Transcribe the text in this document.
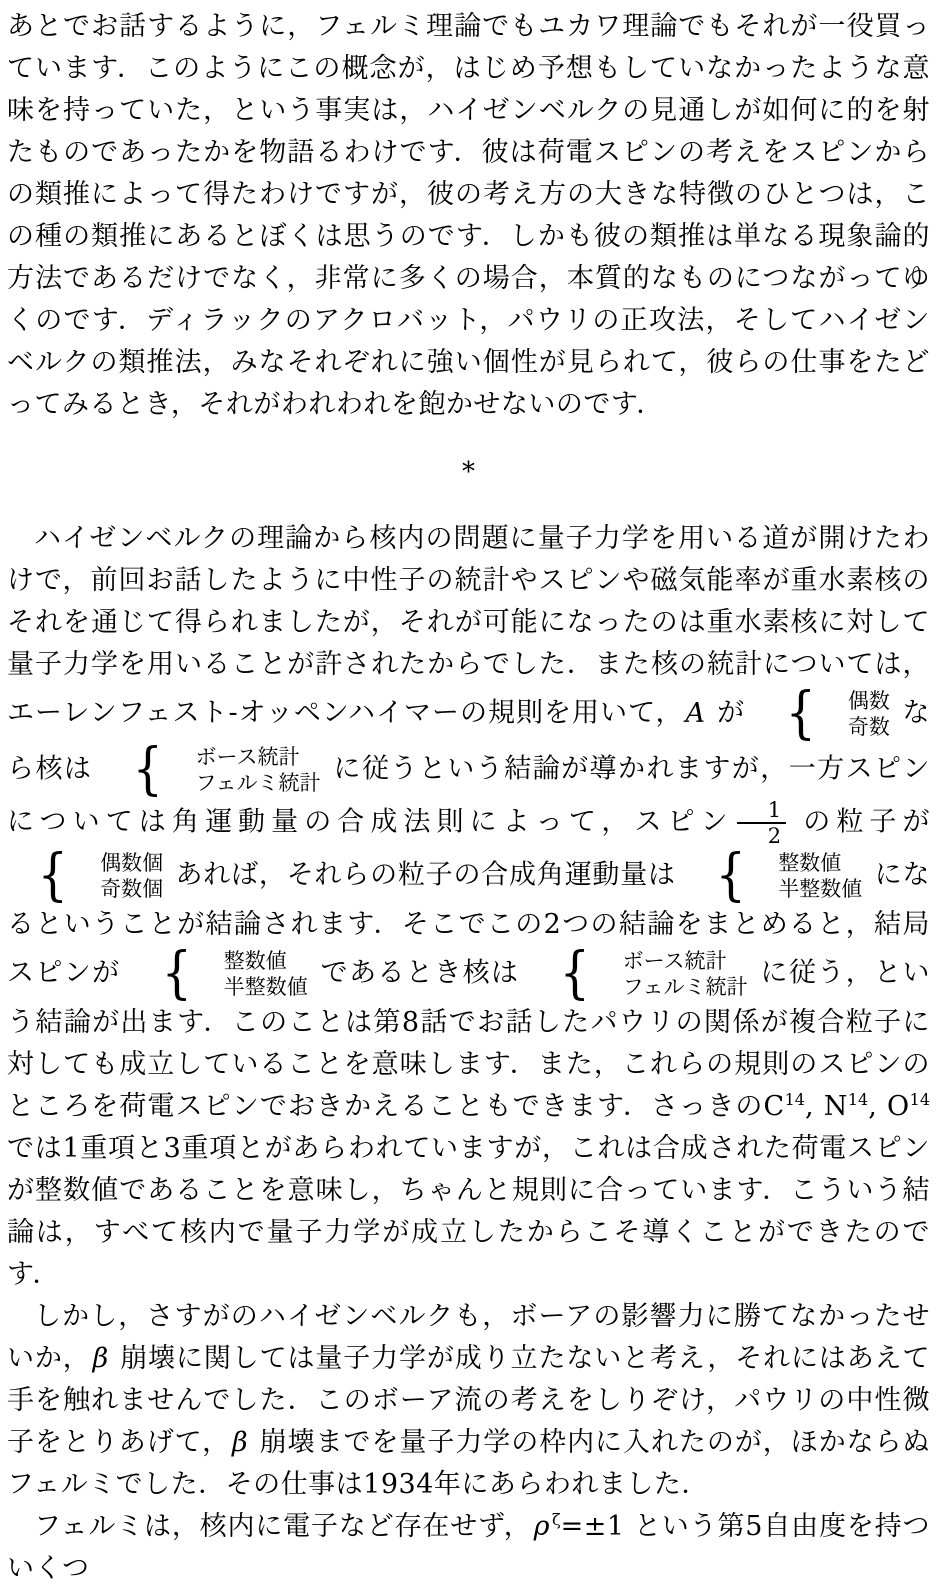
あとでお話するように，フェルミ理論でもユカワ理論でもそれが一役買っています．このようにこの概念が，はじめ予想もしていなかったような意味を持っていた，という事実は，ハイゼンベルクの見通しが如何に的を射たものであったかを物語るわけです．彼は荷電スピンの考えをスピンからの類推によって得たわけですが，彼の考え方の大きな特徴のひとつは，この種の類推にあるとぼくは思うのです．しかも彼の類推は単なる現象論的方法であるだけでなく，非常に多くの場合，本質的なものにつながってゆくのです．ディラックのアクロバット，パウリの正攻法，そしてハイゼンベルクの類推法，みなそれぞれに強い個性が見られて，彼らの仕事をたどってみるとき，それがわれわれを飽かせないのです．

*

ハイゼンベルクの理論から核内の問題に量子力学を用いる道が開けたわけで，前回お話したように中性子の統計やスピンや磁気能率が重水素核のそれを通じて得られましたが，それが可能になったのは重水素核に対して量子力学を用いることが許されたからでした．また核の統計については，エーレンフェスト-オッペンハイマーの規則を用いて，A が {	偶数
奇数 なら核は {	ボース統計
フェルミ統計 に従うという結論が導かれますが，一方スピンについては角運動量の合成法則によって，スピン $\frac{1}{2}$ の粒子が
{	偶数個
奇数個 あれば，それらの粒子の合成角運動量は {	整数値
半整数値 になるということが結論されます．そこでこの2つの結論をまとめると，結局スピンが {	整数値
半整数値 であるとき核は {	ボース統計
フェルミ統計 に従う，という結論が出ます．このことは第8話でお話したパウリの関係が複合粒子に対しても成立していることを意味します．また，これらの規則のスピンのところを荷電スピンでおきかえることもできます．さっきの$C^{14}$, $N^{14}$, $O^{14}$ では1重項と3重項とがあらわれていますが，これは合成された荷電スピンが整数値であることを意味し，ちゃんと規則に合っています．こういう結論は，すべて核内で量子力学が成立したからこそ導くことができたのです．

しかし，さすがのハイゼンベルクも，ボーアの影響力に勝てなかったせいか，β 崩壊に関しては量子力学が成り立たないと考え，それにはあえて手を触れませんでした．このボーア流の考えをしりぞけ，パウリの中性微子をとりあげて，β 崩壊までを量子力学の枠内に入れたのが，ほかならぬフェルミでした．その仕事は1934年にあらわれました．

フェルミは，核内に電子など存在せず，ρ $^\zeta$=±1 という第5自由度を持ついくつ
